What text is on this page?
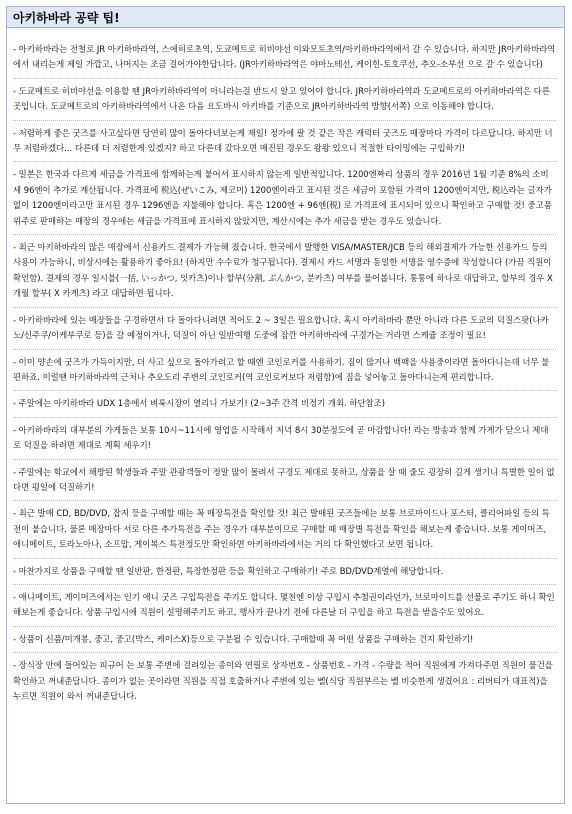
아키하바라 공략 팁!

- 아키하바라는 전철로 JR 아키하바라역, 스에히로초역, 도쿄메트로 히비야선 이와모토초역/아키하바라역에서 갈 수 있습니다. 하지만 JR아키하바라역에서 내리는게 제일 가깝고, 나머지는 조금 걸어가야한답니다. (JR아키하바라역은 야마노테선, 케이힌-토호쿠선, 추오-소부선 으로 갈 수 있습니다)

- 도쿄메트로 히비야선을 이용할 땐 JR아키하바라역이 아니라는걸 반드시 알고 있어야 합니다. JR아키하바라역과 도쿄메트로의 아키하바라역은 다른 곳입니다. 도쿄메트로의 아키하바라역에서 나온 다음 요도바시 아키바를 기준으로 JR아키하바라역 방향(서쪽) 으로 이동해야 합니다.

- 저렴하게 좋은 굿즈를 사고싶다면 당연히 많이 돌아다녀보는게 제일! 정가에 팔 것 같은 작은 캐릭터 굿즈도 매장마다 가격이 다르답니다. 하지만 너무 저렴하겠다... 다른데 더 저렴한게 있겠지? 하고 다른데 갔다오면 매진된 경우도 왕왕 있으니 적절한 타이밍에는 구입하기!

- 일본은 한국과 다르게 세금을 가격표에 함께하는게 붙어서 표시하지 않는게 일반적입니다. 1200엔짜리 상품의 경우 2016년 1월 기준 8%의 소비세 96엔이 추가로 계산됩니다. 가격표에 税込(ぜいこみ, 제코미) 1200엔이라고 표시된 것은 세금이 포함된 가격이 1200엔이지만, 税込라는 글자가 없이 1200엔이라고만 표시된 경우 1296엔을 지불해야 합니다. 혹은 1200엔 + 96엔(税) 로 가격표에 표시되어 있으니 확인하고 구매할 것! 중고품 위주로 판매하는 매장의 경우에는 세금을 가격표에 표시하지 않았지만, 계산시에는 추가 세금을 받는 경우도 있습니다.

- 최근 아키하바라의 많은 매장에서 신용카드 결제가 가능해 졌습니다. 한국에서 발행한 VISA/MASTER/JCB 등의 해외결제가 가능한 신용카드 등의 사용이 가능하니, 비상시에는 활용하기 좋아요! (하지만 수수료가 청구됩니다). 결제시 카드 서명과 동일한 서명을 영수증에 작성합니다 (가끔 직원이 확인함). 결제의 경우 일시불(一括, いっかつ, 잇카츠)이나 할부(分割, ぶんかつ, 분카츠) 여부를 물어봅니다. 통통에 하나로 대답하고, 할부의 경우 X개월 할부( X 카게츠) 라고 대답하면 됩니다.

- 아키하바라에 있는 매장들을 구경하면서 다 돌아다니려면 적어도 2 ~ 3일은 필요합니다. 혹시 아키하바라 뿐만 아니라 다른 도쿄의 덕질스팟(나카노/신주쿠/이케부쿠로 등)을 갈 예정이거나, 덕질이 아닌 일반여행 도중에 잠깐 아키하바라에 구경가는 거라면 스케쥴 조정이 필요!

- 이미 양손에 굿즈가 가득이지만, 더 사고 싶으로 돌아가려고 할 때엔 코인로커를 사용하기. 짐이 많거나 백팩을 사용중이라면 돌아다니는데 너무 불편하죠. 이럴땐 아키하바라역 근처나 추오도리 주변의 코인로커(역 코인로커보다 저렴함)에 짐을 넣어놓고 돌아다니는게 편리합니다.

- 주말에는 아키하바라 UDX 1층에서 벼룩시장이 열리니 가보기! (2~3주 간격 비정기 개최. 하단참조)

- 아키하바라의 대부분의 가게들은 보통 10시~11시에 영업을 시작해서 저녁 8시 30분정도에 곧 마감합니다! 라는 방송과 함께 가게가 닫으니 제대로 덕질을 하려면 제대로 계획 세우기!

- 주말에는 학교에서 해방된 학생들과 주말 관광객들이 정말 많이 몰려서 구경도 제대로 못하고, 상품을 살 때 줄도 굉장히 길게 생기니 특별한 일이 없다면 평일에 덕질하기!

- 최근 발매 CD, BD/DVD, 잡지 등을 구매할 때는 꼭 매장특전을 확인할 것! 최근 발매된 굿즈들에는 보통 브로마이드나 포스터, 클리어파일 등의 특전이 붙습니다. 물론 매장마다 서로 다른 추가특전을 주는 경우가 대부분이므로 구매할 때 매장별 특전을 확인을 해보는게 좋습니다. 보통 게이머즈, 애니메이트, 토라노아나, 소프맙, 게이복스 특전정도만 확인하면 아키하바라에서는 거의 다 확인했다고 보면 됩니다.

- 마찬가지로 상품을 구매할 땐 일반판, 한정판, 특장한정판 등을 확인하고 구매하기! 주로 BD/DVD계열에 해당합니다.

- 애니메이트, 게이머즈에서는 인기 애니 굿즈 구입특전을 주기도 합니다. 몇천엔 이상 구입시 추첨권이라던가, 브로마이드를 선물로 주기도 하니 확인해보는게 좋습니다. 상품 구입시에 직원이 설명해주기도 하고, 행사가 끝나기 전에 다른날 더 구입을 하고 특전을 받을수도 있어요.

- 상품이 신품/미개봉, 중고, 중고(박스, 케이스X)등으로 구분될 수 있습니다. 구매할때 꼭 어떤 상품을 구매하는 건지 확인하기!

- 장식장 안에 들어있는 피규어 는 보통 주변에 걸려있는 종이와 연필로 상자번호 - 상품번호 - 가격 - 수량을 적어 직원에게 가져다주면 직원이 물건을 확인하고 꺼내준답니다. 종이가 없는 곳이라면 직원을 직접 호출하거나 주변에 있는 벨(식당 직원부르는 벨 비슷한게 생겼어요 : 리버티가 대표적)을 누르면 직원이 와서 꺼내준답니다.
